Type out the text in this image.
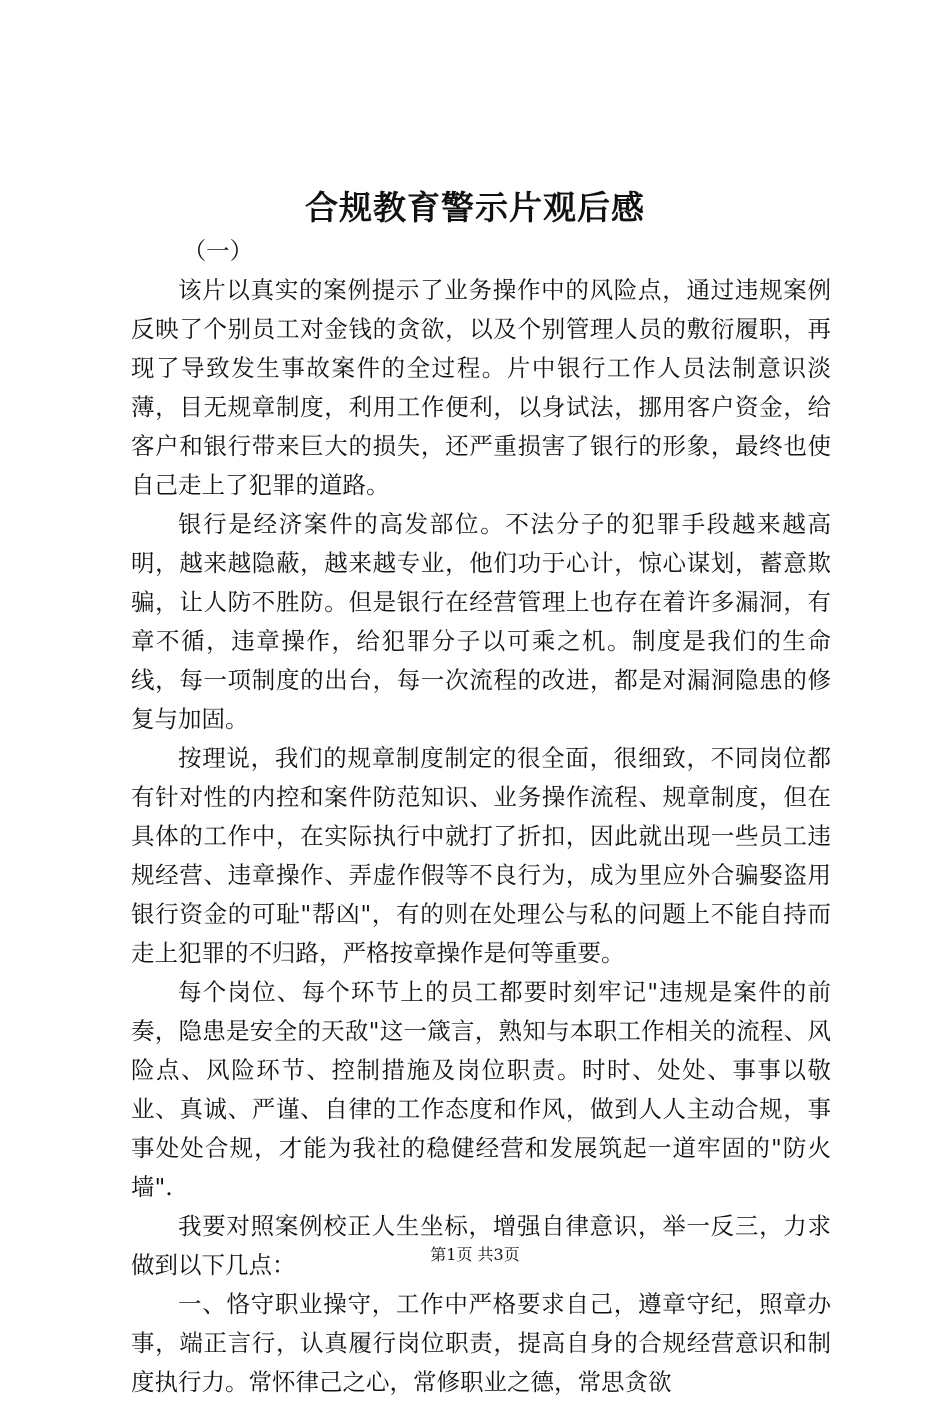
合规教育警示片观后感

（一）

该片以真实的案例提示了业务操作中的风险点，通过违规案例反映了个别员工对金钱的贪欲，以及个别管理人员的敷衍履职，再现了导致发生事故案件的全过程。片中银行工作人员法制意识淡薄，目无规章制度，利用工作便利，以身试法，挪用客户资金，给客户和银行带来巨大的损失，还严重损害了银行的形象，最终也使自己走上了犯罪的道路。

银行是经济案件的高发部位。不法分子的犯罪手段越来越高明，越来越隐蔽，越来越专业，他们功于心计，惊心谋划，蓄意欺骗，让人防不胜防。但是银行在经营管理上也存在着许多漏洞，有章不循，违章操作，给犯罪分子以可乘之机。制度是我们的生命线，每一项制度的出台，每一次流程的改进，都是对漏洞隐患的修复与加固。

按理说，我们的规章制度制定的很全面，很细致，不同岗位都有针对性的内控和案件防范知识、业务操作流程、规章制度，但在具体的工作中，在实际执行中就打了折扣，因此就出现一些员工违规经营、违章操作、弄虚作假等不良行为，成为里应外合骗娶盗用银行资金的可耻"帮凶"，有的则在处理公与私的问题上不能自持而走上犯罪的不归路，严格按章操作是何等重要。

每个岗位、每个环节上的员工都要时刻牢记"违规是案件的前奏，隐患是安全的天敌"这一箴言，熟知与本职工作相关的流程、风险点、风险环节、控制措施及岗位职责。时时、处处、事事以敬业、真诚、严谨、自律的工作态度和作风，做到人人主动合规，事事处处合规，才能为我社的稳健经营和发展筑起一道牢固的"防火墙".

我要对照案例校正人生坐标，增强自律意识，举一反三，力求做到以下几点：

一、恪守职业操守，工作中严格要求自己，遵章守纪，照章办事，端正言行，认真履行岗位职责，提高自身的合规经营意识和制度执行力。常怀律己之心，常修职业之德，常思贪欲

第1页 共3页
